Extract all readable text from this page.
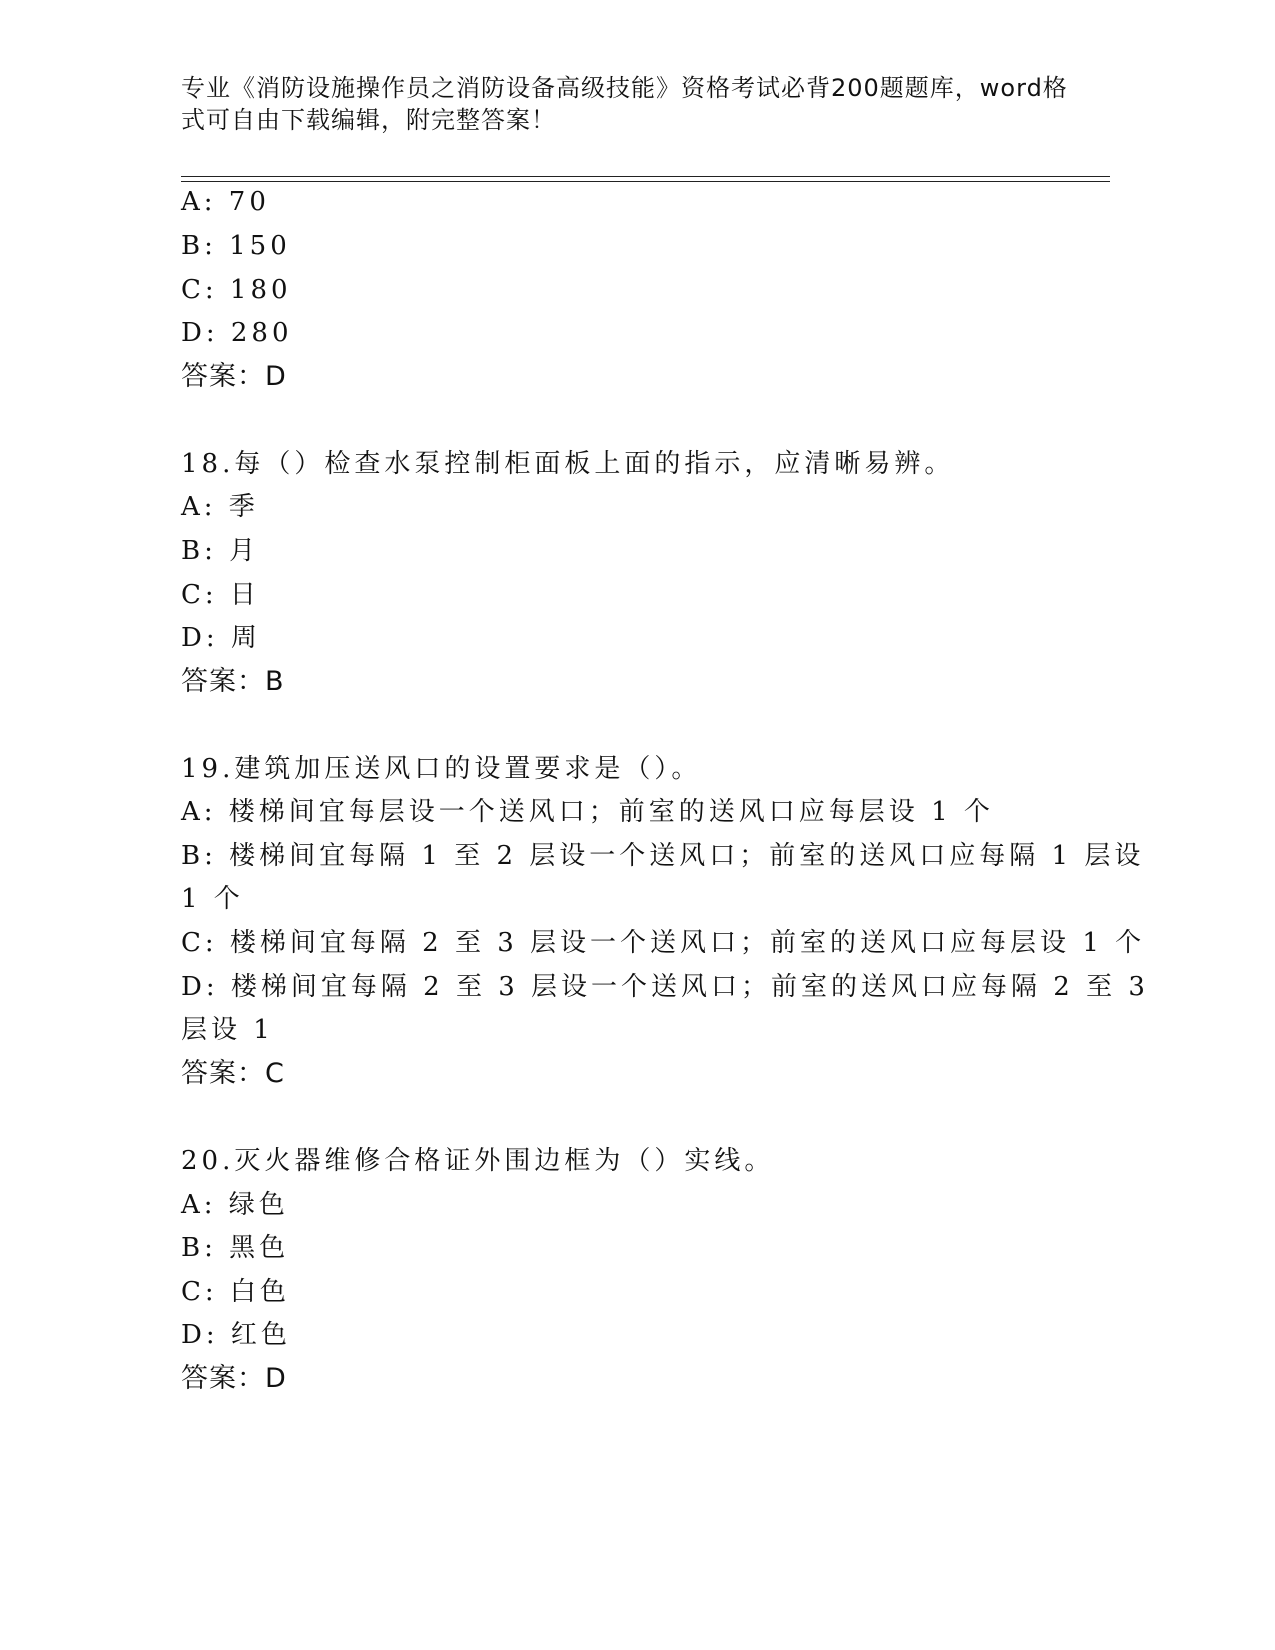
专业《消防设施操作员之消防设备高级技能》资格考试必背200题题库，word格
式可自由下载编辑，附完整答案！
A: 70
B: 150
C: 180
D: 280
答案：D
18.每（）检查水泵控制柜面板上面的指示，应清晰易辨。
A: 季
B: 月
C: 日
D: 周
答案：B
19.建筑加压送风口的设置要求是（）。
A: 楼梯间宜每层设一个送风口；前室的送风口应每层设 1 个
B: 楼梯间宜每隔 1 至 2 层设一个送风口；前室的送风口应每隔 1 层设
1 个
C: 楼梯间宜每隔 2 至 3 层设一个送风口；前室的送风口应每层设 1 个
D: 楼梯间宜每隔 2 至 3 层设一个送风口；前室的送风口应每隔 2 至 3
层设 1
答案：C
20.灭火器维修合格证外围边框为（）实线。
A: 绿色
B: 黑色
C: 白色
D: 红色
答案：D
